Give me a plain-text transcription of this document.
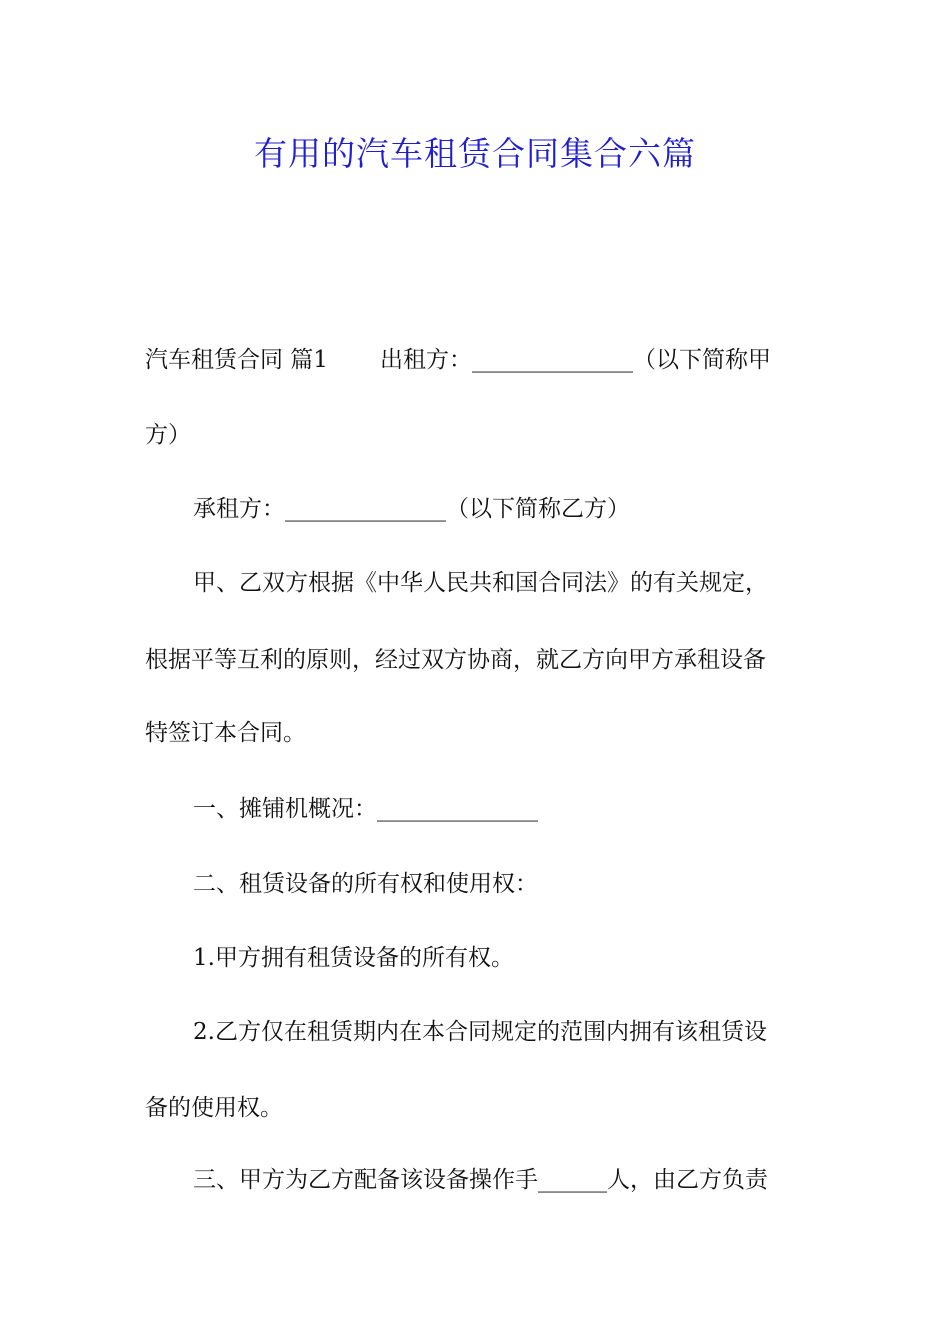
有用的汽车租赁合同集合六篇
汽车租赁合同 篇1 出租方：______________（以下简称甲
方）
承租方：______________（以下简称乙方）
甲、乙双方根据《中华人民共和国合同法》的有关规定，
根据平等互利的原则，经过双方协商，就乙方向甲方承租设备
特签订本合同。
一、摊铺机概况：______________
二、租赁设备的所有权和使用权：
1.甲方拥有租赁设备的所有权。
2.乙方仅在租赁期内在本合同规定的范围内拥有该租赁设
备的使用权。
三、甲方为乙方配备该设备操作手______人，由乙方负责
